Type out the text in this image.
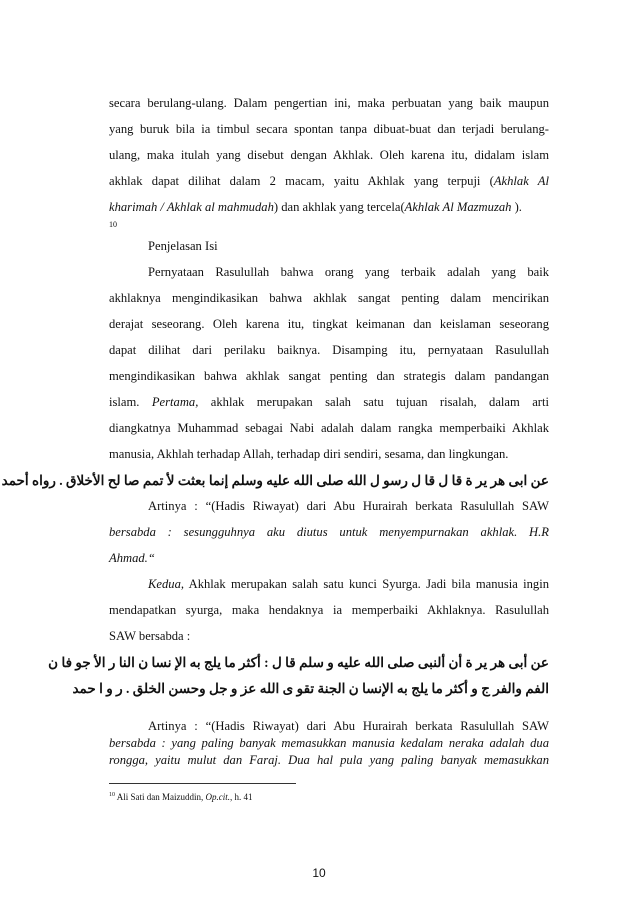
secara berulang-ulang. Dalam pengertian ini, maka perbuatan yang baik maupun
yang buruk bila ia timbul secara spontan tanpa dibuat-buat dan terjadi berulang-
ulang, maka itulah yang disebut dengan Akhlak. Oleh karena itu, didalam islam
akhlak dapat dilihat dalam 2 macam, yaitu Akhlak yang terpuji (Akhlak Al
kharimah / Akhlak al mahmudah) dan akhlak yang tercela(Akhlak Al Mazmuzah ).
10
Penjelasan Isi
Pernyataan Rasulullah bahwa orang yang terbaik adalah yang baik
akhlaknya mengindikasikan bahwa akhlak sangat penting dalam mencirikan
derajat seseorang. Oleh karena itu, tingkat keimanan dan keislaman seseorang
dapat dilihat dari perilaku baiknya. Disamping itu, pernyataan Rasulullah
mengindikasikan bahwa akhlak sangat penting dan strategis dalam pandangan
islam. Pertama, akhlak merupakan salah satu tujuan risalah, dalam arti
diangkatnya Muhammad sebagai Nabi adalah dalam rangka memperbaiki Akhlak
manusia, Akhlah terhadap Allah, terhadap diri sendiri, sesama, dan lingkungan.
عن ابى هر ير ة قا ل قا ل رسو ل الله صلى الله عليه وسلم إنما بعثت لأ تمم صا لح الأخلاق . رواه أحمد
Artinya : “(Hadis Riwayat) dari Abu Hurairah berkata Rasulullah SAW
bersabda : sesungguhnya aku diutus untuk menyempurnakan akhlak. H.R
Ahmad.“
Kedua, Akhlak merupakan salah satu kunci Syurga. Jadi bila manusia ingin
mendapatkan syurga, maka hendaknya ia memperbaiki Akhlaknya. Rasulullah
SAW bersabda :
عن أبى هر ير ة أن ألنبى صلى الله عليه و سلم قا ل : أكثر ما يلج به الإ نسا ن النا ر الأ جو فا ن
الفم والفر ج و أكثر ما يلج به الإنسا ن الجنة تقو ى الله عز و جل وحسن الخلق . ر و ا حمد
Artinya : “(Hadis Riwayat) dari Abu Hurairah berkata Rasulullah SAW
bersabda : yang paling banyak memasukkan manusia kedalam neraka adalah dua
$^{10}$ Ali Sati dan Maizuddin, Op.cit., h. 41
10
rongga, yaitu mulut dan Faraj. Dua hal pula yang paling banyak memasukkan
